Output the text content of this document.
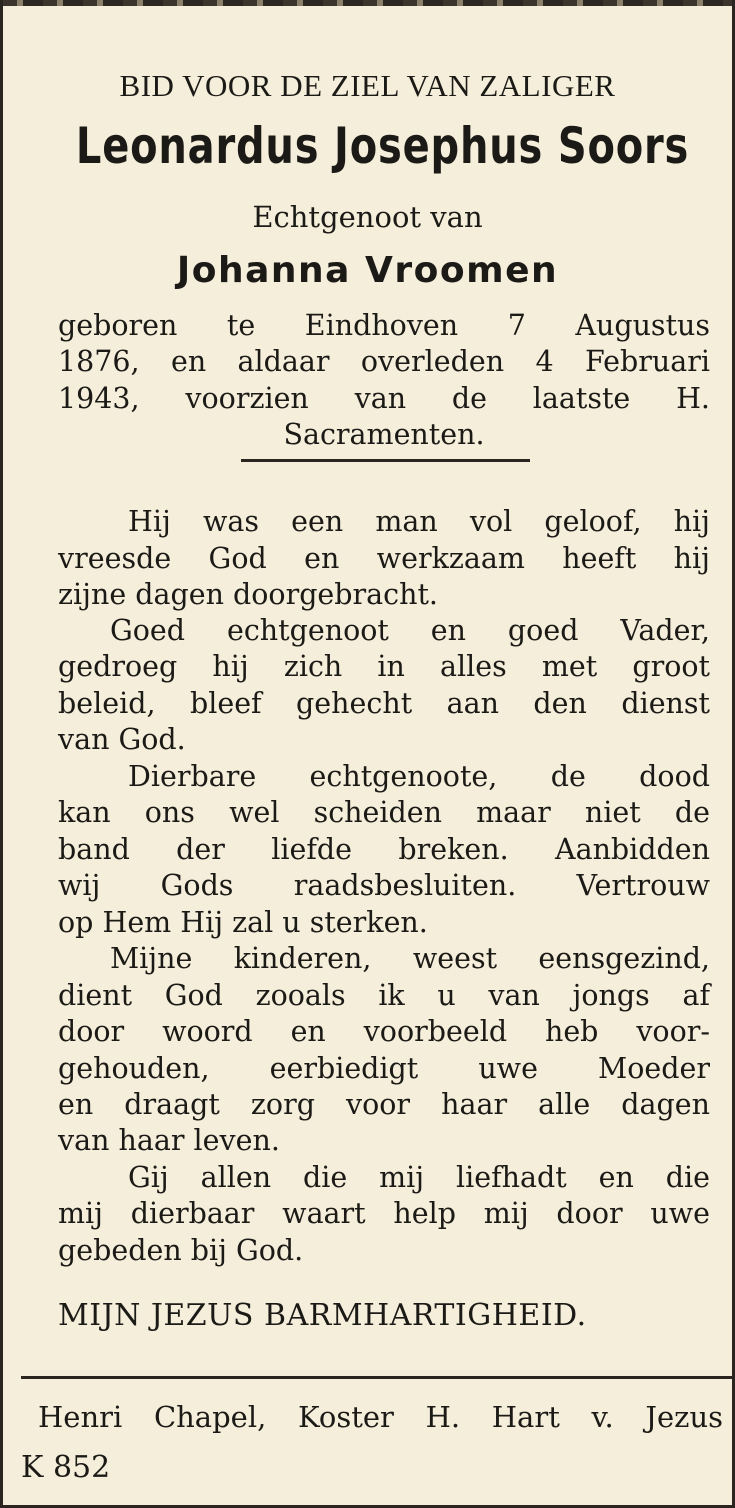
BID VOOR DE ZIEL VAN ZALIGER
Leonardus Josephus Soors
Echtgenoot van
Johanna Vroomen
geboren te Eindhoven 7 Augustus
1876, en aldaar overleden 4 Februari
1943, voorzien van de laatste H.
Sacramenten.
Hij was een man vol geloof, hij
vreesde God en werkzaam heeft hij
zijne dagen doorgebracht.
Goed echtgenoot en goed Vader,
gedroeg hij zich in alles met groot
beleid, bleef gehecht aan den dienst
van God.
Dierbare echtgenoote, de dood
kan ons wel scheiden maar niet de
band der liefde breken. Aanbidden
wij Gods raadsbesluiten. Vertrouw
op Hem Hij zal u sterken.
Mijne kinderen, weest eensgezind,
dient God zooals ik u van jongs af
door woord en voorbeeld heb voor-
gehouden, eerbiedigt uwe Moeder
en draagt zorg voor haar alle dagen
van haar leven.
Gij allen die mij liefhadt en die
mij dierbaar waart help mij door uwe
gebeden bij God.
MIJN JEZUS BARMHARTIGHEID.
Henri Chapel, Koster H. Hart v. Jezus
K 852
